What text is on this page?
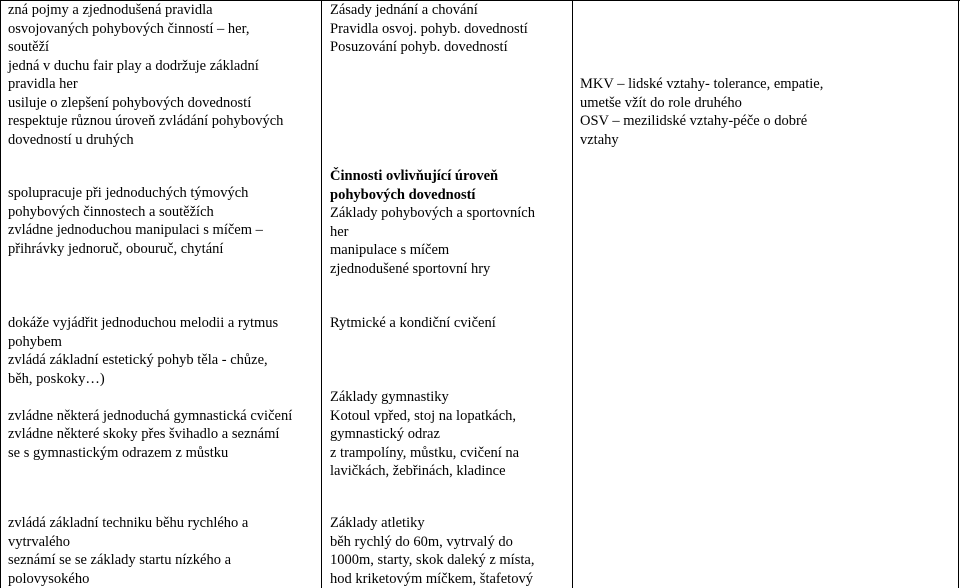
zná pojmy a zjednodušená pravidla
osvojovaných pohybových činností – her,
soutěží
jedná v duchu fair play a dodržuje základní
pravidla her
usiluje o zlepšení pohybových dovedností
respektuje různou úroveň zvládání pohybových
dovedností u druhých
Zásady jednání a chování
Pravidla osvoj. pohyb. dovedností
Posuzování pohyb. dovedností
MKV – lidské vztahy- tolerance, empatie,
umetše vžít do role druhého
OSV – mezilidské vztahy-péče o dobré
vztahy
spolupracuje při jednoduchých týmových
pohybových činnostech a soutěžích
zvládne jednoduchou manipulaci s míčem –
přihrávky jednoruč, obouruč, chytání
Činnosti ovlivňující úroveň
pohybových dovedností
Základy pohybových a sportovních
her
manipulace s míčem
zjednodušené sportovní hry
dokáže vyjádřit jednoduchou melodii a rytmus
pohybem
zvládá základní estetický pohyb těla - chůze,
běh, poskoky…)
zvládne některá jednoduchá gymnastická cvičení
zvládne některé skoky přes švihadlo a seznámí
se s gymnastickým odrazem z můstku
Rytmické a kondiční cvičení
Základy gymnastiky
Kotoul vpřed, stoj na lopatkách,
gymnastický odraz
z trampolíny, můstku, cvičení na
lavičkách, žebřinách, kladince
zvládá základní techniku běhu rychlého a
vytrvalého
seznámí se se základy startu nízkého a
polovysokého
Základy atletiky
běh rychlý do 60m, vytrvalý do
1000m, starty, skok daleký z místa,
hod kriketovým míčkem, štafetový
